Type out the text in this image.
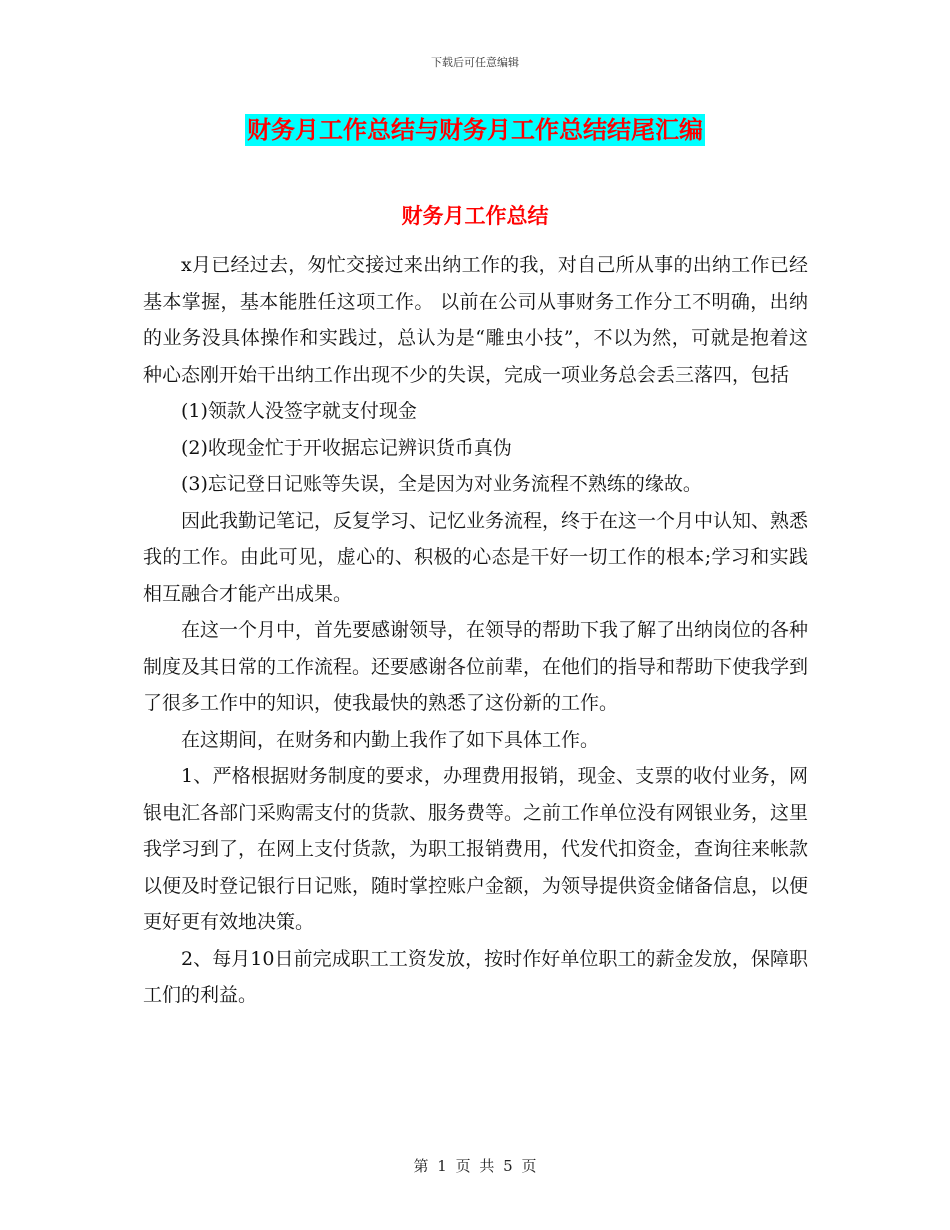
下载后可任意编辑
财务月工作总结与财务月工作总结结尾汇编
财务月工作总结

x月已经过去，匆忙交接过来出纳工作的我，对自己所从事的出纳工作已经基本掌握，基本能胜任这项工作。 以前在公司从事财务工作分工不明确，出纳的业务没具体操作和实践过，总认为是“雕虫小技”，不以为然，可就是抱着这种心态刚开始干出纳工作出现不少的失误，完成一项业务总会丢三落四，包括

(1)领款人没签字就支付现金

(2)收现金忙于开收据忘记辨识货币真伪

(3)忘记登日记账等失误，全是因为对业务流程不熟练的缘故。

因此我勤记笔记，反复学习、记忆业务流程，终于在这一个月中认知、熟悉我的工作。由此可见，虚心的、积极的心态是干好一切工作的根本;学习和实践相互融合才能产出成果。

在这一个月中，首先要感谢领导，在领导的帮助下我了解了出纳岗位的各种制度及其日常的工作流程。还要感谢各位前辈，在他们的指导和帮助下使我学到了很多工作中的知识，使我最快的熟悉了这份新的工作。

在这期间，在财务和内勤上我作了如下具体工作。

1、严格根据财务制度的要求，办理费用报销，现金、支票的收付业务，网银电汇各部门采购需支付的货款、服务费等。之前工作单位没有网银业务，这里我学习到了，在网上支付货款，为职工报销费用，代发代扣资金，查询往来帐款以便及时登记银行日记账，随时掌控账户金额，为领导提供资金储备信息，以便更好更有效地决策。

2、每月10日前完成职工工资发放，按时作好单位职工的薪金发放，保障职工们的利益。

第 1 页 共 5 页
